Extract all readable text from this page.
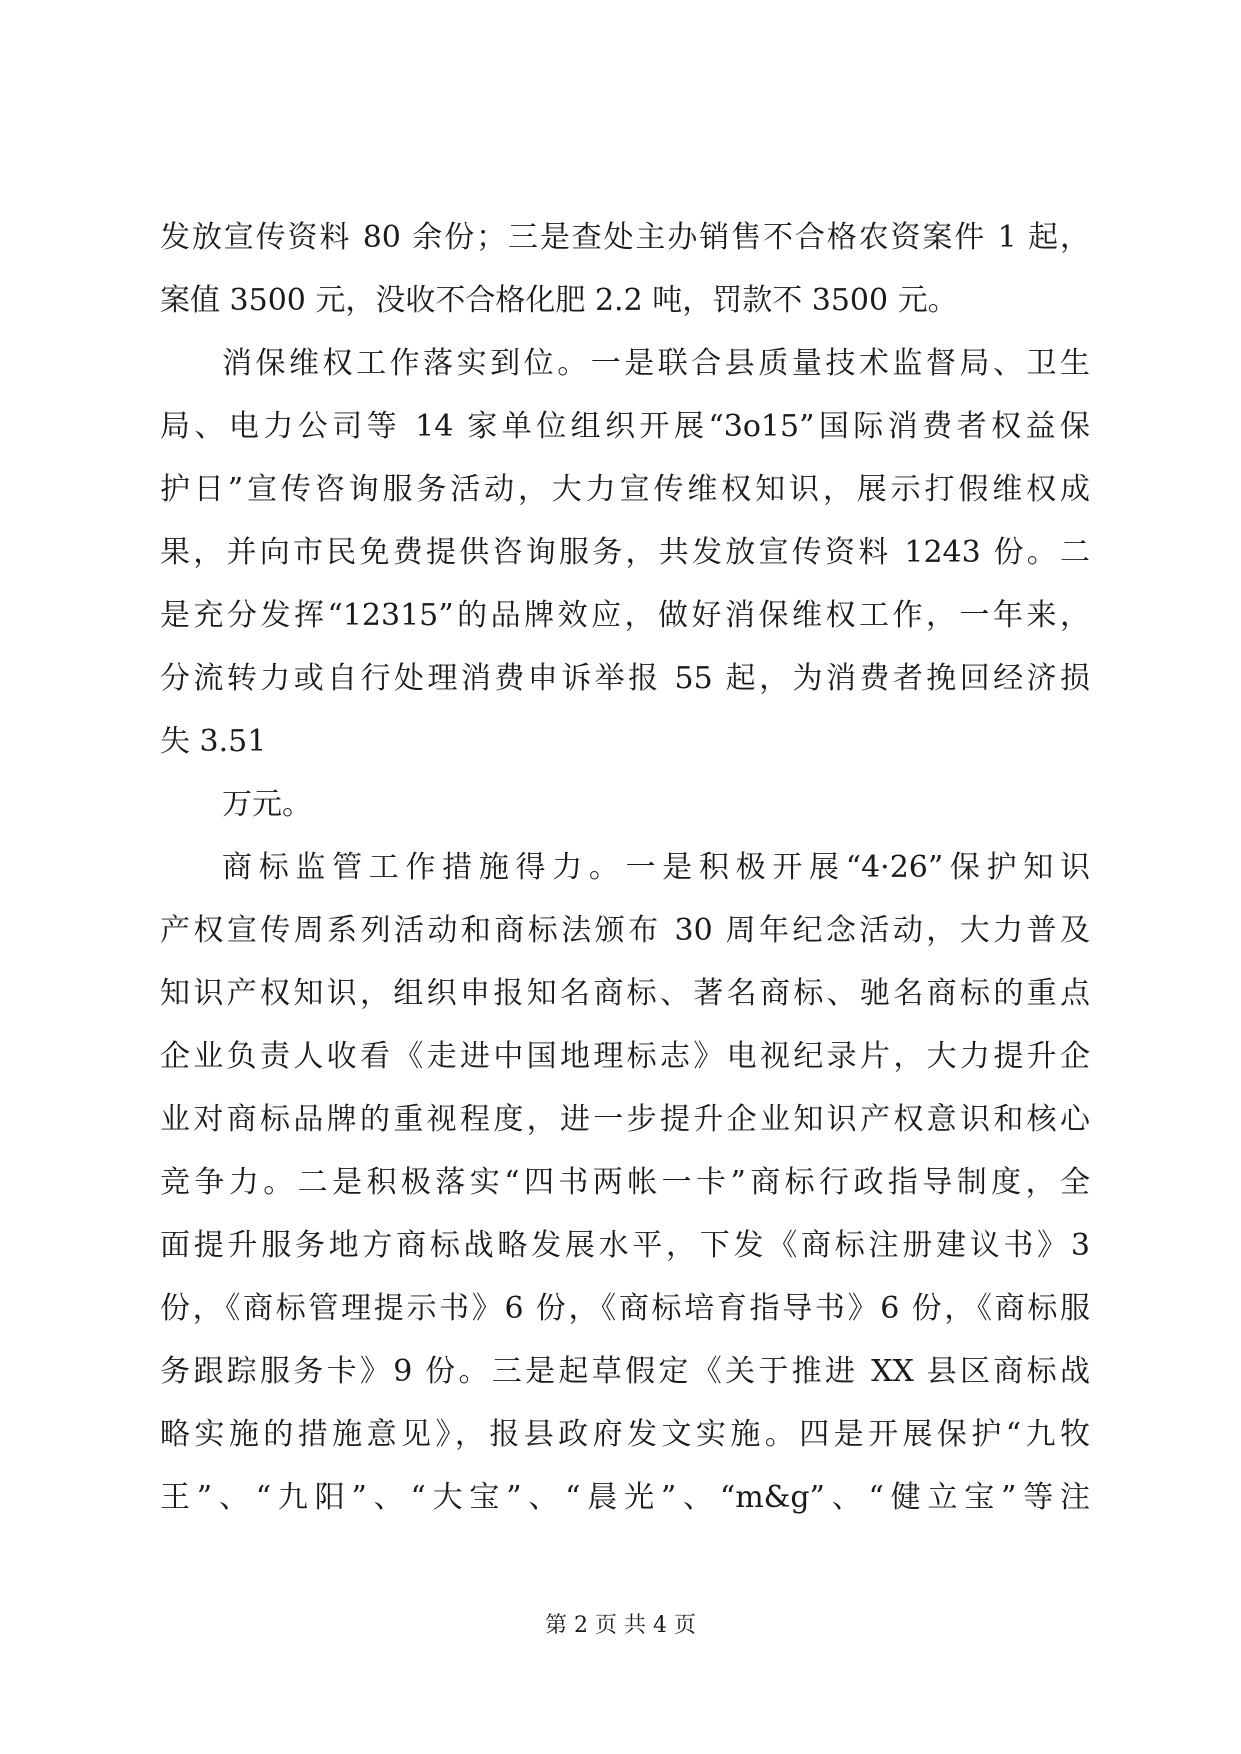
发放宣传资料 80 余份；三是查处主办销售不合格农资案件 1 起，
案值 3500 元，没收不合格化肥 2.2 吨，罚款不 3500 元。
消保维权工作落实到位。一是联合县质量技术监督局、卫生
局、电力公司等 14 家单位组织开展“3o15”国际消费者权益保
护日”宣传咨询服务活动，大力宣传维权知识，展示打假维权成
果，并向市民免费提供咨询服务，共发放宣传资料 1243 份。二
是充分发挥“12315”的品牌效应，做好消保维权工作，一年来，
分流转力或自行处理消费申诉举报 55 起，为消费者挽回经济损
失 3.51
万元。
商标监管工作措施得力。一是积极开展“4·26”保护知识
产权宣传周系列活动和商标法颁布 30 周年纪念活动，大力普及
知识产权知识，组织申报知名商标、著名商标、驰名商标的重点
企业负责人收看《走进中国地理标志》电视纪录片，大力提升企
业对商标品牌的重视程度，进一步提升企业知识产权意识和核心
竞争力。二是积极落实“四书两帐一卡”商标行政指导制度，全
面提升服务地方商标战略发展水平，下发《商标注册建议书》3
份，《商标管理提示书》6 份，《商标培育指导书》6 份，《商标服
务跟踪服务卡》9 份。三是起草假定《关于推进 XX 县区商标战
略实施的措施意见》，报县政府发文实施。四是开展保护“九牧
王”、“九阳”、“大宝”、“晨光”、“m&g”、“健立宝”等注
第 2 页 共 4 页
